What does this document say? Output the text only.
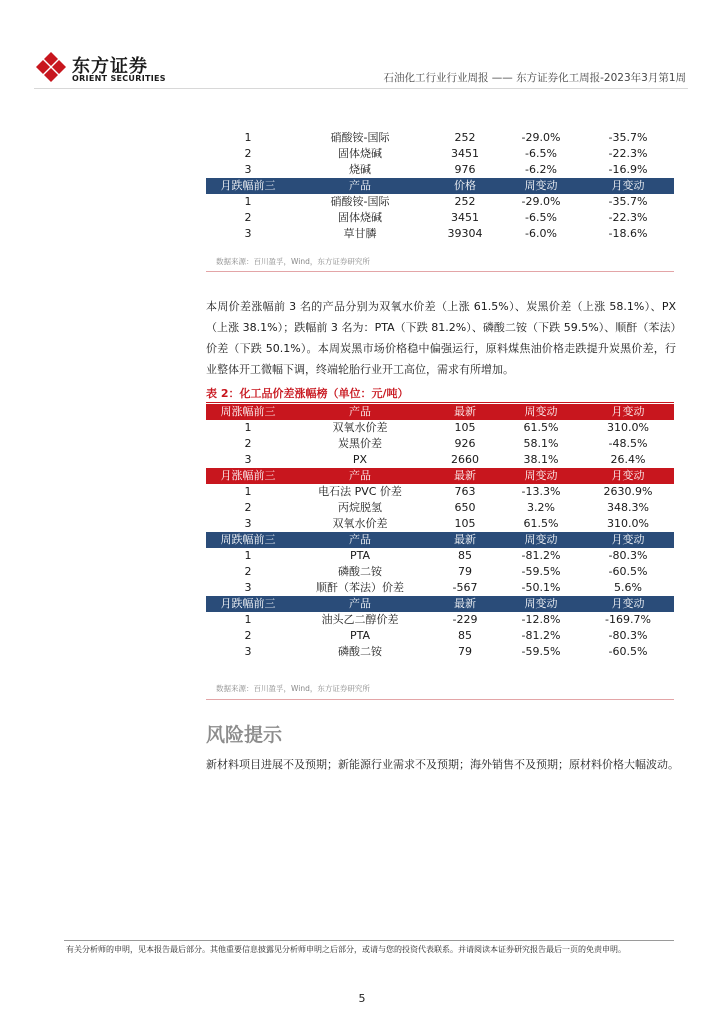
东方证券
ORIENT SECURITIES	石油化工行业行业周报 —— 东方证券化工周报-2023年3月第1周
1	硝酸铵-国际	252	-29.0%	-35.7%
2	固体烧碱	3451	-6.5%	-22.3%
3	烧碱	976	-6.2%	-16.9%
月跌幅前三	产品	价格	周变动	月变动
1	硝酸铵-国际	252	-29.0%	-35.7%
2	固体烧碱	3451	-6.5%	-22.3%
3	草甘膦	39304	-6.0%	-18.6%
数据来源：百川盈孚，Wind，东方证券研究所
本周价差涨幅前 3 名的产品分别为双氧水价差（上涨 61.5%）、炭黑价差（上涨 58.1%）、PX（上涨 38.1%）；跌幅前 3 名为：PTA（下跌 81.2%）、磷酸二铵（下跌 59.5%）、顺酐（苯法）价差（下跌 50.1%）。本周炭黑市场价格稳中偏强运行，原料煤焦油价格走跌提升炭黑价差，行业整体开工微幅下调，终端轮胎行业开工高位，需求有所增加。
表 2：化工品价差涨幅榜（单位：元/吨）
周涨幅前三	产品	最新	周变动	月变动
1	双氧水价差	105	61.5%	310.0%
2	炭黑价差	926	58.1%	-48.5%
3	PX	2660	38.1%	26.4%
月涨幅前三	产品	最新	周变动	月变动
1	电石法 PVC 价差	763	-13.3%	2630.9%
2	丙烷脱氢	650	3.2%	348.3%
3	双氧水价差	105	61.5%	310.0%
周跌幅前三	产品	最新	周变动	月变动
1	PTA	85	-81.2%	-80.3%
2	磷酸二铵	79	-59.5%	-60.5%
3	顺酐（苯法）价差	-567	-50.1%	5.6%
月跌幅前三	产品	最新	周变动	月变动
1	油头乙二醇价差	-229	-12.8%	-169.7%
2	PTA	85	-81.2%	-80.3%
3	磷酸二铵	79	-59.5%	-60.5%
数据来源：百川盈孚，Wind，东方证券研究所
风险提示
新材料项目进展不及预期；新能源行业需求不及预期；海外销售不及预期；原材料价格大幅波动。
有关分析师的申明，见本报告最后部分。其他重要信息披露见分析师申明之后部分，或请与您的投资代表联系。并请阅读本证券研究报告最后一页的免责申明。
5
